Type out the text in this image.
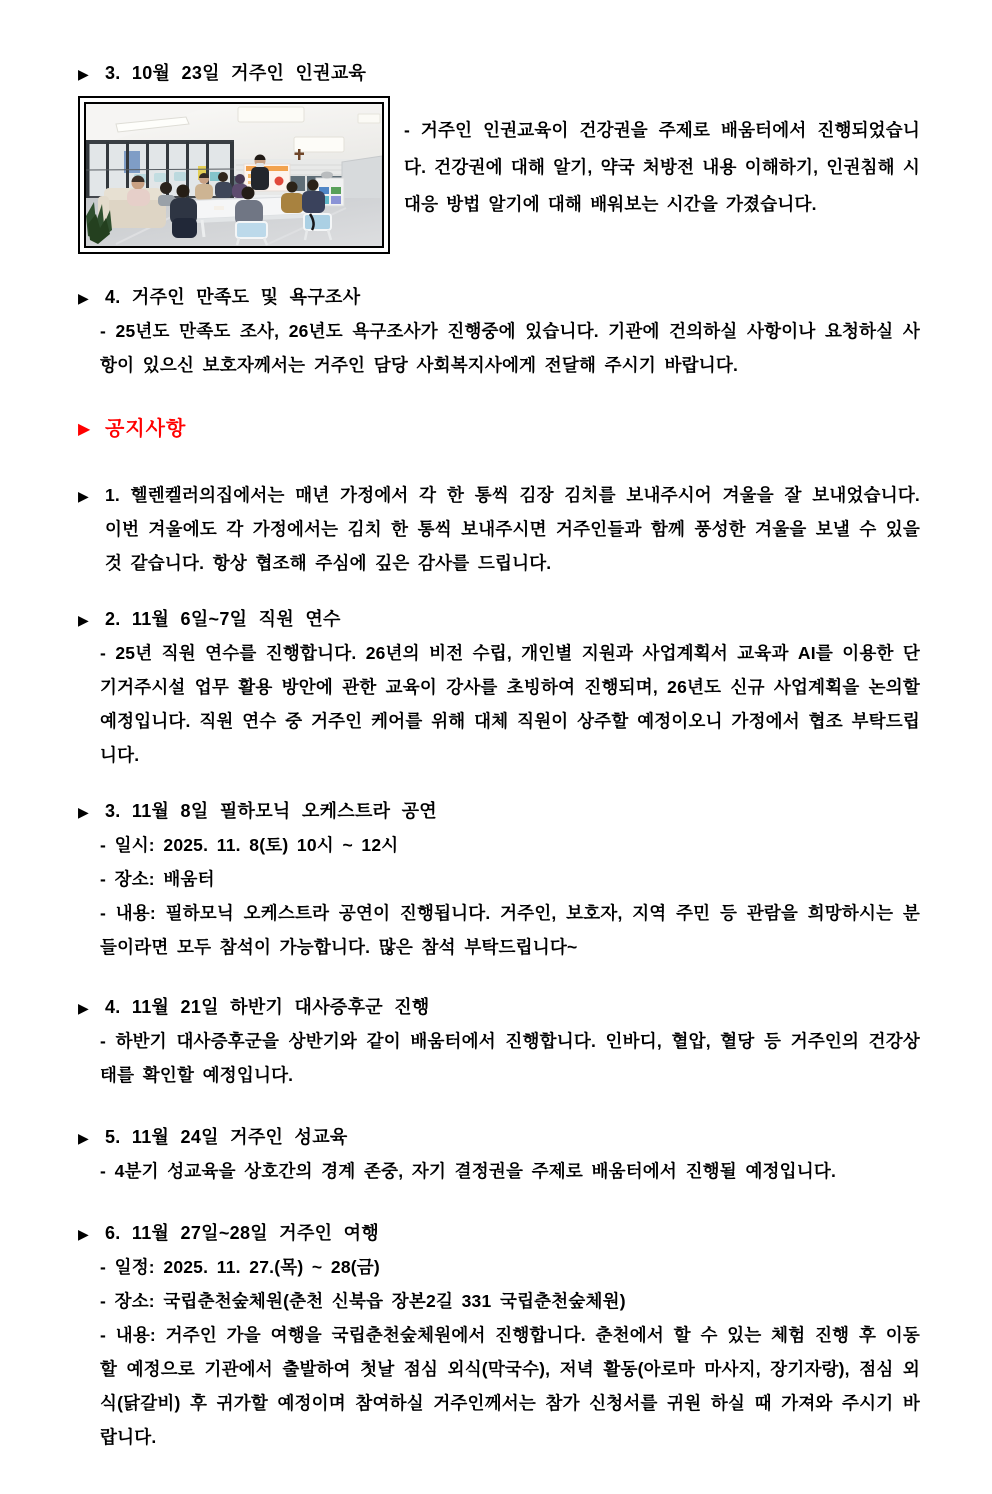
▶ 3. 10월 23일 거주인 인권교육

- 거주인 인권교육이 건강권을 주제로 배움터에서 진행되었습니다. 건강권에 대해 알기, 약국 처방전 내용 이해하기, 인권침해 시 대응 방법 알기에 대해 배워보는 시간을 가졌습니다.

▶ 4. 거주인 만족도 및 욕구조사

- 25년도 만족도 조사, 26년도 욕구조사가 진행중에 있습니다. 기관에 건의하실 사항이나 요청하실 사항이 있으신 보호자께서는 거주인 담당 사회복지사에게 전달해 주시기 바랍니다.

▶ 공지사항
▶ 1. 헬렌켈러의집에서는 매년 가정에서 각 한 통씩 김장 김치를 보내주시어 겨울을 잘 보내었습니다. 이번 겨울에도 각 가정에서는 김치 한 통씩 보내주시면 거주인들과 함께 풍성한 겨울을 보낼 수 있을 것 같습니다. 항상 협조해 주심에 깊은 감사를 드립니다.

▶ 2. 11월 6일~7일 직원 연수

- 25년 직원 연수를 진행합니다. 26년의 비전 수립, 개인별 지원과 사업계획서 교육과 AI를 이용한 단기거주시설 업무 활용 방안에 관한 교육이 강사를 초빙하여 진행되며, 26년도 신규 사업계획을 논의할 예정입니다. 직원 연수 중 거주인 케어를 위해 대체 직원이 상주할 예정이오니 가정에서 협조 부탁드립니다.

▶ 3. 11월 8일 필하모닉 오케스트라 공연

- 일시: 2025. 11. 8(토) 10시 ~ 12시

- 장소: 배움터

- 내용: 필하모닉 오케스트라 공연이 진행됩니다. 거주인, 보호자, 지역 주민 등 관람을 희망하시는 분들이라면 모두 참석이 가능합니다. 많은 참석 부탁드립니다~

▶ 4. 11월 21일 하반기 대사증후군 진행

- 하반기 대사증후군을 상반기와 같이 배움터에서 진행합니다. 인바디, 혈압, 혈당 등 거주인의 건강상태를 확인할 예정입니다.

▶ 5. 11월 24일 거주인 성교육

- 4분기 성교육을 상호간의 경계 존중, 자기 결정권을 주제로 배움터에서 진행될 예정입니다.

▶ 6. 11월 27일~28일 거주인 여행

- 일정: 2025. 11. 27.(목) ~ 28(금)

- 장소: 국립춘천숲체원(춘천 신북읍 장본2길 331 국립춘천숲체원)

- 내용: 거주인 가을 여행을 국립춘천숲체원에서 진행합니다. 춘천에서 할 수 있는 체험 진행 후 이동할 예정으로 기관에서 출발하여 첫날 점심 외식(막국수), 저녁 활동(아로마 마사지, 장기자랑), 점심 외식(닭갈비) 후 귀가할 예정이며 참여하실 거주인께서는 참가 신청서를 귀원 하실 때 가져와 주시기 바랍니다.
